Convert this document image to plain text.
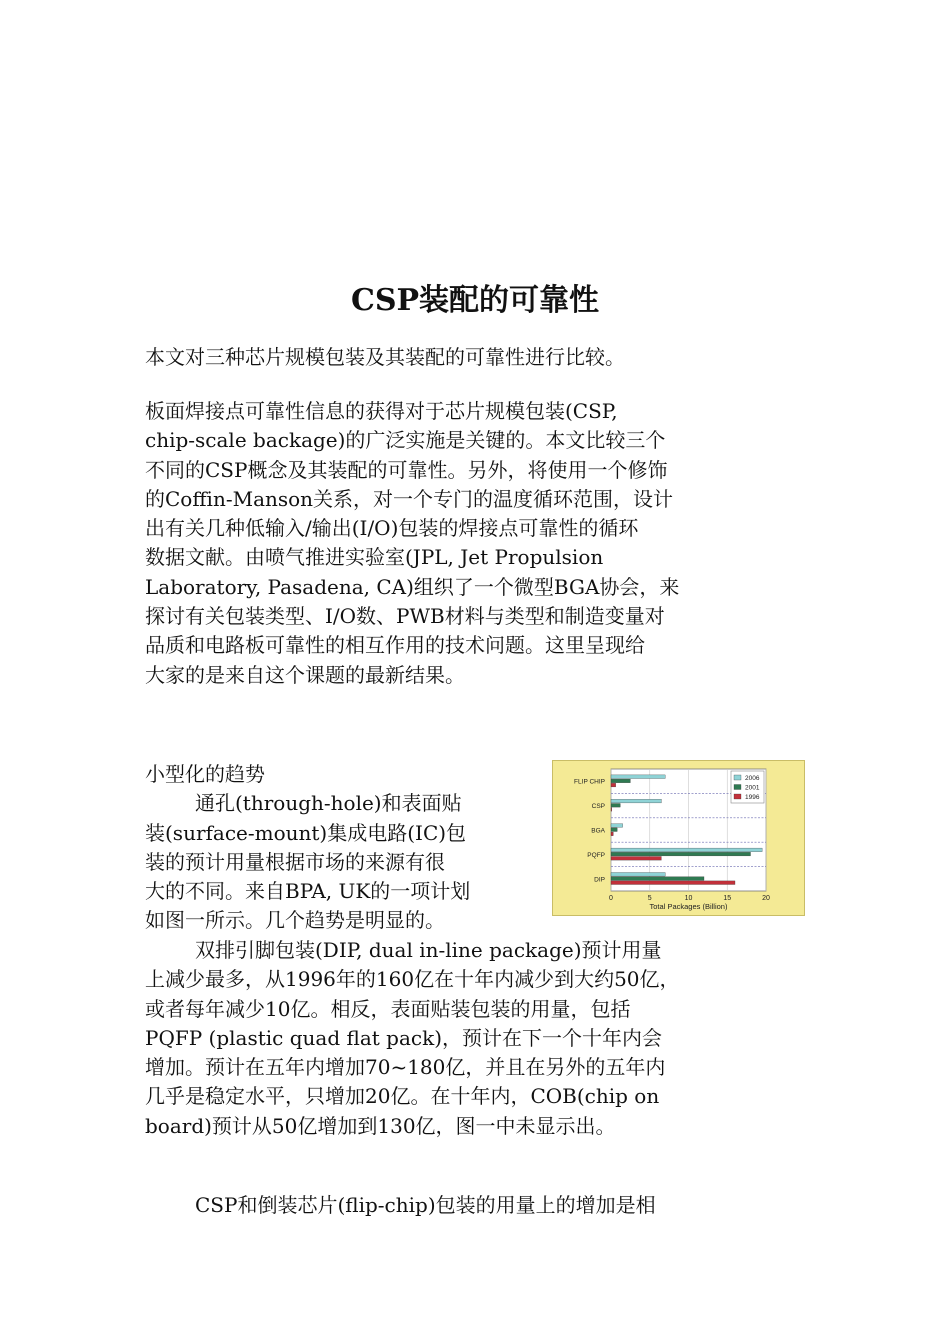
CSP装配的可靠性

本文对三种芯片规模包装及其装配的可靠性进行比较。

板面焊接点可靠性信息的获得对于芯片规模包装(CSP,
chip-scale backage)的广泛实施是关键的。本文比较三个
不同的CSP概念及其装配的可靠性。另外，将使用一个修饰
的Coffin-Manson关系，对一个专门的温度循环范围，设计
出有关几种低输入/输出(I/O)包装的焊接点可靠性的循环
数据文献。由喷气推进实验室(JPL, Jet Propulsion
Laboratory, Pasadena, CA)组织了一个微型BGA协会，来
探讨有关包装类型、I/O数、PWB材料与类型和制造变量对
品质和电路板可靠性的相互作用的技术问题。这里呈现给
大家的是来自这个课题的最新结果。

小型化的趋势
通孔(through-hole)和表面贴
装(surface-mount)集成电路(IC)包
装的预计用量根据市场的来源有很
大的不同。来自BPA, UK的一项计划
如图一所示。几个趋势是明显的。

0	5	10	15	20
FLIP CHIP
CSP
BGA
PQFP
DIP
Total Packages (Billion)
2006
2001
1996

双排引脚包装(DIP, dual in-line package)预计用量
上减少最多，从1996年的160亿在十年内减少到大约50亿，
或者每年减少10亿。相反，表面贴装包装的用量，包括
PQFP (plastic quad flat pack)，预计在下一个十年内会
增加。预计在五年内增加70~180亿，并且在另外的五年内
几乎是稳定水平，只增加20亿。在十年内，COB(chip on
board)预计从50亿增加到130亿，图一中未显示出。

CSP和倒装芯片(flip-chip)包装的用量上的增加是相
